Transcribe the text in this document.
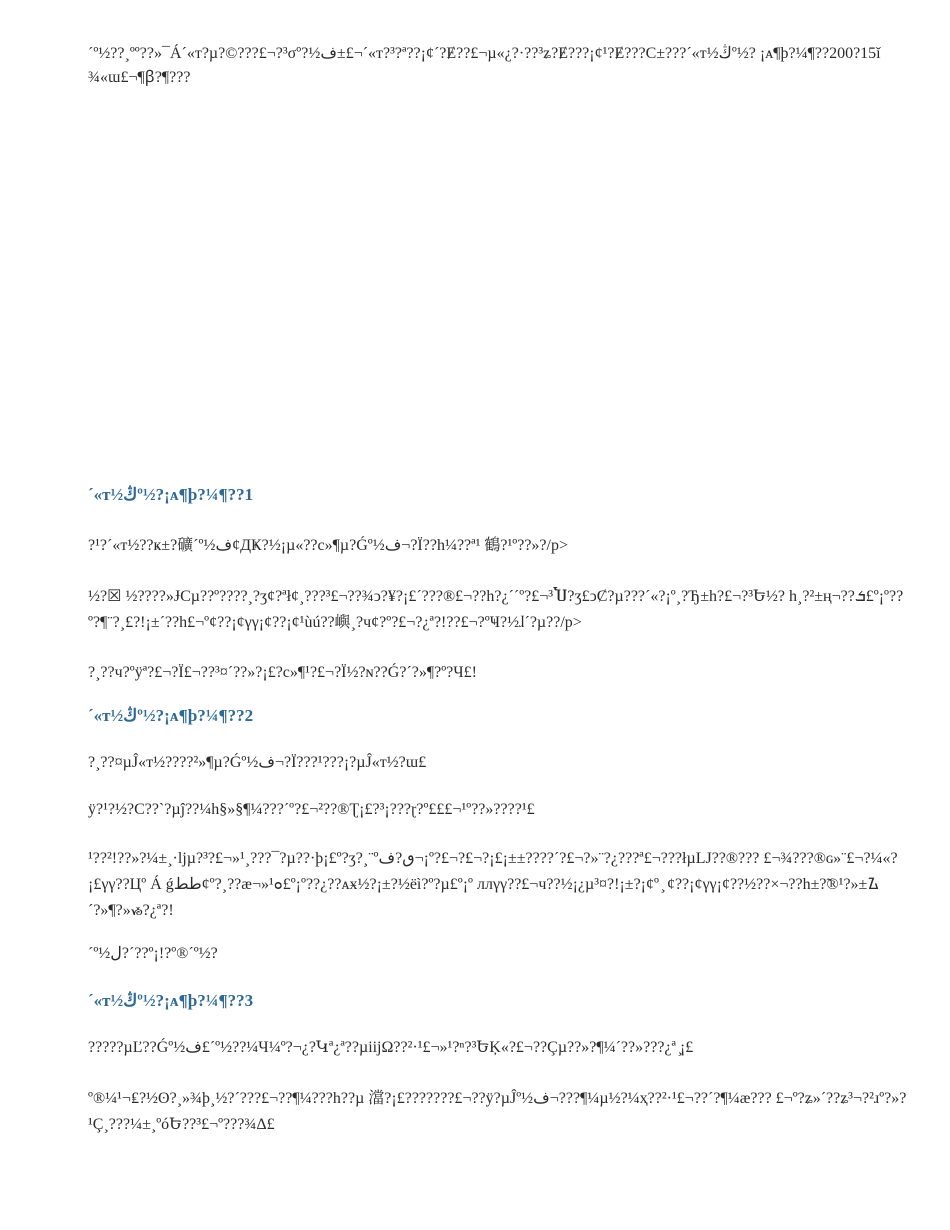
´º½??¸ºº??»¯Á´«ᴛ?µ?©???£¬?³σº?½ف±£¬´«ᴛ?³?ª??¡¢´?Ɇ??£¬µ«¿?·??³ʑ?Ɇ???¡¢¹?Ɇ???C±???´«ᴛ½ڭº½? ¡ᴀ¶þ?¼¶??200?15ǐ¾«ɯ£¬¶ꞵ?¶???
´«ᴛ½ڭº½?¡ᴀ¶þ?¼¶??1

?¹?´«ᴛ½??ҝ±?礦´º½ف¢ДҜ?½¡µ«??c»¶µ?Ǵº½ف¬?Ï??h¼??ª¹ 鶴?¹º??»?/p>

½?☒ ½????»ɈCµ??º????¸?ʒ¢?ªł¢¸???³£¬??¾ↄ?¥?¡£´???®£¬??h?¿´´º?£¬³Ⴎ?ʒ£ↄȻ?µ???´«?¡º¸?Ђ±h?£¬?³Ե½? h¸?²±ң¬??ܭ£º¡º??º?¶¨?¸£?!¡±´??h£¬º¢??¡¢γγ¡¢??¡¢¹ùú??嶼¸?ч¢?º?£¬?¿ª?!??£¬?ºҸ?½ɺ´?µ??/p>

?¸??ч?ºÿª?£¬?Ï£¬??³¤´??»?¡£?c»¶¹?£¬?Ï½?ɴ??Ǵ?´?»¶?º?Ч£!

´«ᴛ½ڭº½?¡ᴀ¶þ?¼¶??2

?¸??¤µĴ«ᴛ½????²»¶µ?Ǵº½ف¬?Ï???¹???¡?µĴ«ᴛ½?ɯ£

ÿ?¹?½?C??`?µĵ??¼h§»§¶¼???´º?£¬²??®Ʈ¡£?³¡???ɽ?º£££¬¹º??»????¹£

¹??²!??»?¼±¸·ǉµ?³?£¬»¹¸???¯?µ??·þ¡£º?ʒ?¸¨ºٯ?ف¬¡º?£¬?£¬?¡£¡±±????´?£¬?»¨?¿???ª£¬???łµǇ??®??? £¬¾???®ɢ»¨£¬?¼«?¡£γγ??Цº Á ǵطط¢º?¸??æ¬»¹ܘ£º¡º??¿??ᴀӿ½?¡±?½ёì?º?µ£º¡º ллγγ??£¬ч??½¡¿µ³¤?!¡±?¡¢º ̧ ¢??¡¢γγ¡¢??½??×¬??h±?̃®¹?»±ᮍ´?»¶?»ᏹ?¿ª?!

´º½ل?´??º¡!?º®´º½?

´«ᴛ½ڭº½?¡ᴀ¶þ?¼¶??3

?????µĽ??Ǵº½ف£´º½??¼Ч¼º?¬¿?Կª¿ª??µiĳΩ??²·¹£¬»¹?ⁿ?³ԵĶ«?£¬??Çµ??»?¶¼´??»???¿ª ̧¡£

º®¼¹¬₤?½ʘ?¸»¾þ¸½?´???£¬??¶¼???h??µ 澢?¡£???????£¬??ÿ?µĴº½ف¬???¶¼µ½?¼ҳ??²·¹£¬??´?¶¼æ??? £¬º?ʑ»´??ʑ³¬?²ɹº?»?¹Ç¸???¼±¸ºóԵ??³£¬º???¾Δ£
